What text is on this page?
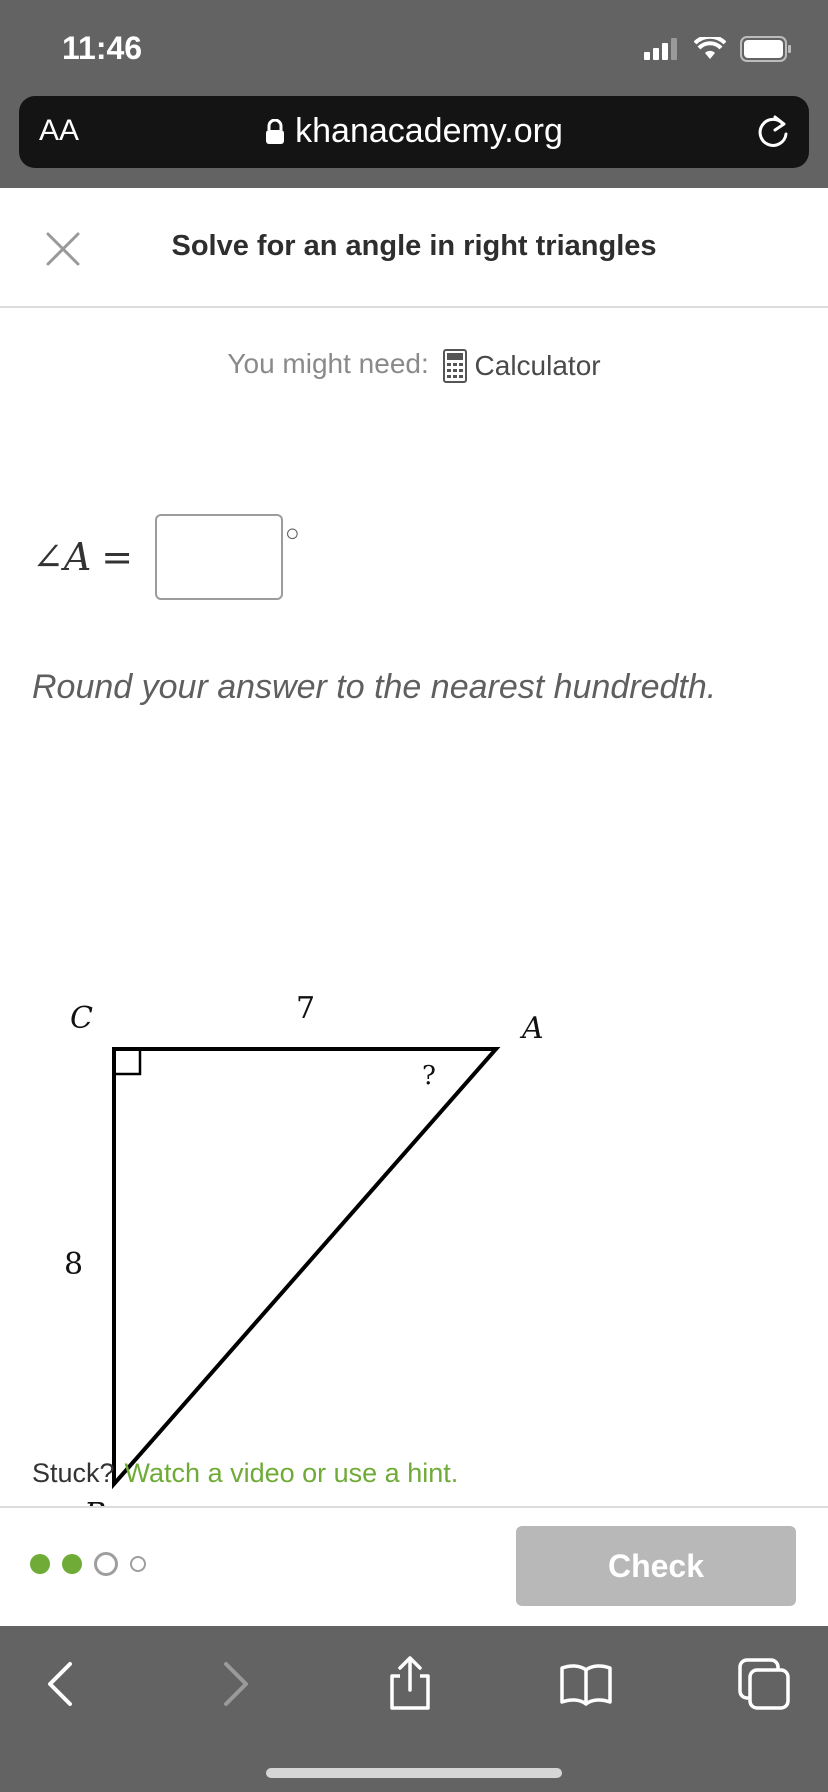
11:46
AA	khanacademy.org
Solve for an angle in right triangles
You might need: Calculator
∠A =
○
Round your answer to the nearest hundredth.
C	A
7
8
?
Stuck? Watch a video or use a hint.
Check
